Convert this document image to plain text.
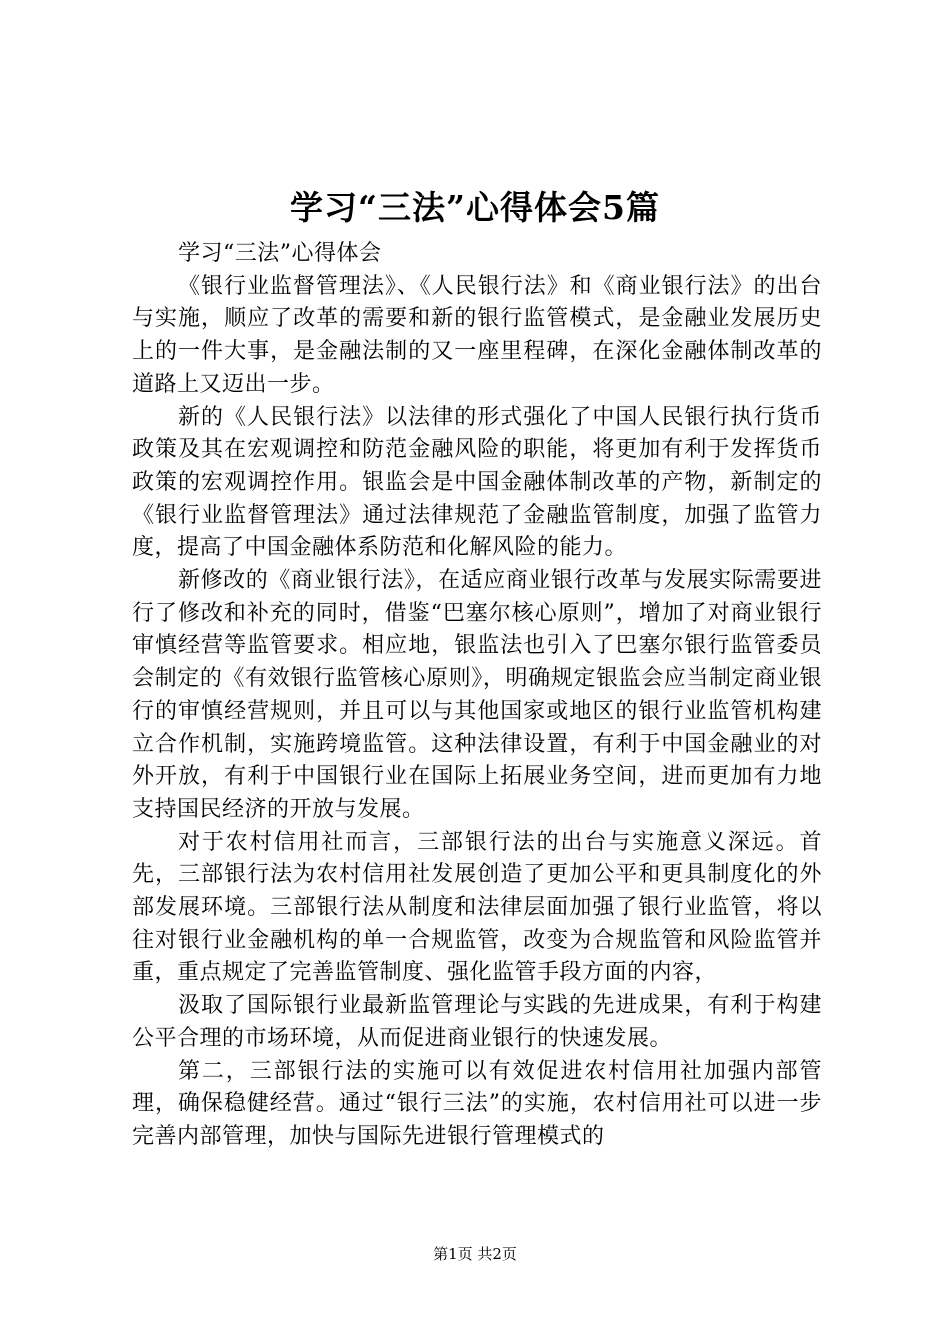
学习“三法”心得体会5篇

学习“三法”心得体会

《银行业监督管理法》、《人民银行法》和《商业银行法》的出台与实施，顺应了改革的需要和新的银行监管模式，是金融业发展历史上的一件大事，是金融法制的又一座里程碑，在深化金融体制改革的道路上又迈出一步。

新的《人民银行法》以法律的形式强化了中国人民银行执行货币政策及其在宏观调控和防范金融风险的职能，将更加有利于发挥货币政策的宏观调控作用。银监会是中国金融体制改革的产物，新制定的《银行业监督管理法》通过法律规范了金融监管制度，加强了监管力度，提高了中国金融体系防范和化解风险的能力。

新修改的《商业银行法》，在适应商业银行改革与发展实际需要进行了修改和补充的同时，借鉴“巴塞尔核心原则”，增加了对商业银行审慎经营等监管要求。相应地，银监法也引入了巴塞尔银行监管委员会制定的《有效银行监管核心原则》，明确规定银监会应当制定商业银行的审慎经营规则，并且可以与其他国家或地区的银行业监管机构建立合作机制，实施跨境监管。这种法律设置，有利于中国金融业的对外开放，有利于中国银行业在国际上拓展业务空间，进而更加有力地支持国民经济的开放与发展。

对于农村信用社而言，三部银行法的出台与实施意义深远。首先，三部银行法为农村信用社发展创造了更加公平和更具制度化的外部发展环境。三部银行法从制度和法律层面加强了银行业监管，将以往对银行业金融机构的单一合规监管，改变为合规监管和风险监管并重，重点规定了完善监管制度、强化监管手段方面的内容，

汲取了国际银行业最新监管理论与实践的先进成果，有利于构建公平合理的市场环境，从而促进商业银行的快速发展。

第二，三部银行法的实施可以有效促进农村信用社加强内部管理，确保稳健经营。通过“银行三法”的实施，农村信用社可以进一步完善内部管理，加快与国际先进银行管理模式的

第1页 共2页
